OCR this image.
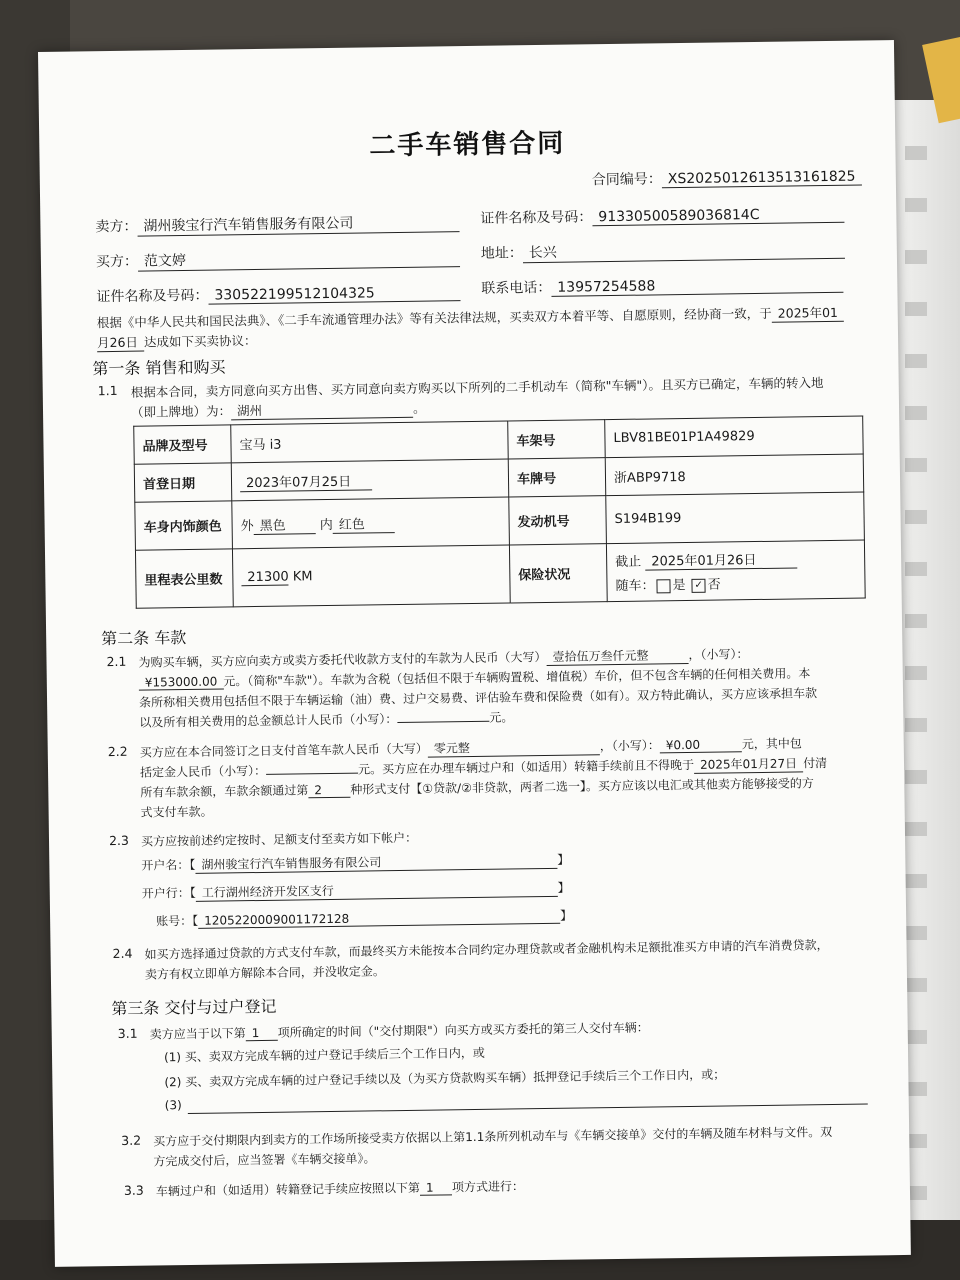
二手车销售合同
合同编号： XS2025012613513161825
卖方： 湖州骏宝行汽车销售服务有限公司	证件名称及号码： 91330500589036814C
买方： 范文婷	地址： 长兴
证件名称及号码： 330522199512104325	联系电话： 13957254588
根据《中华人民共和国民法典》、《二手车流通管理办法》等有关法律法规，买卖双方本着平等、自愿原则，经协商一致，于 2025年01
月26日 达成如下买卖协议：
第一条 销售和购买
1.1 根据本合同，卖方同意向买方出售、买方同意向卖方购买以下所列的二手机动车（简称"车辆"）。且买方已确定，车辆的转入地
（即上牌地）为： 湖州	。
品牌及型号	宝马 i3	车架号	LBV81BE01P1A49829
首登日期	2023年07月25日	车牌号	浙ABP9718
车身内饰颜色	外 黑色 内 红色	发动机号	S194B199
里程表公里数	21300 KM	保险状况	截止 2025年01月26日
随车： 是 ✓ 否
第二条 车款
2.1 为购买车辆，买方应向卖方或卖方委托代收款方支付的车款为人民币（大写） 壹拾伍万叁仟元整	，（小写）：
¥153000.00 元。（简称"车款"）。车款为含税（包括但不限于车辆购置税、增值税）车价，但不包含车辆的任何相关费用。本
条所称相关费用包括但不限于车辆运输（油）费、过户交易费、评估验车费和保险费（如有）。双方特此确认，买方应该承担车款
以及所有相关费用的总金额总计人民币（小写）：	元。
2.2 买方应在本合同签订之日支付首笔车款人民币（大写） 零元整	，（小写）： ¥0.00	元，其中包
括定金人民币（小写）：	元。买方应在办理车辆过户和（如适用）转籍手续前且不得晚于 2025年01月27日 付清
所有车款余额，车款余额通过第 2 种形式支付【①贷款/②非贷款，两者二选一】。买方应该以电汇或其他卖方能够接受的方
式支付车款。
2.3 买方应按前述约定按时、足额支付至卖方如下帐户：
开户名：【 湖州骏宝行汽车销售服务有限公司	】
开户行：【 工行湖州经济开发区支行	】
账号：【 1205220009001172128	】
2.4 如买方选择通过贷款的方式支付车款，而最终买方未能按本合同约定办理贷款或者金融机构未足额批准买方申请的汽车消费贷款，
卖方有权立即单方解除本合同，并没收定金。
第三条 交付与过户登记
3.1 卖方应当于以下第 1 项所确定的时间（"交付期限"）向买方或买方委托的第三人交付车辆：
(1) 买、卖双方完成车辆的过户登记手续后三个工作日内，或
(2) 买、卖双方完成车辆的过户登记手续以及（为买方贷款购买车辆）抵押登记手续后三个工作日内，或；
(3)
3.2 买方应于交付期限内到卖方的工作场所接受卖方依据以上第1.1条所列机动车与《车辆交接单》交付的车辆及随车材料与文件。双
方完成交付后，应当签署《车辆交接单》。
3.3 车辆过户和（如适用）转籍登记手续应按照以下第 1 项方式进行：
